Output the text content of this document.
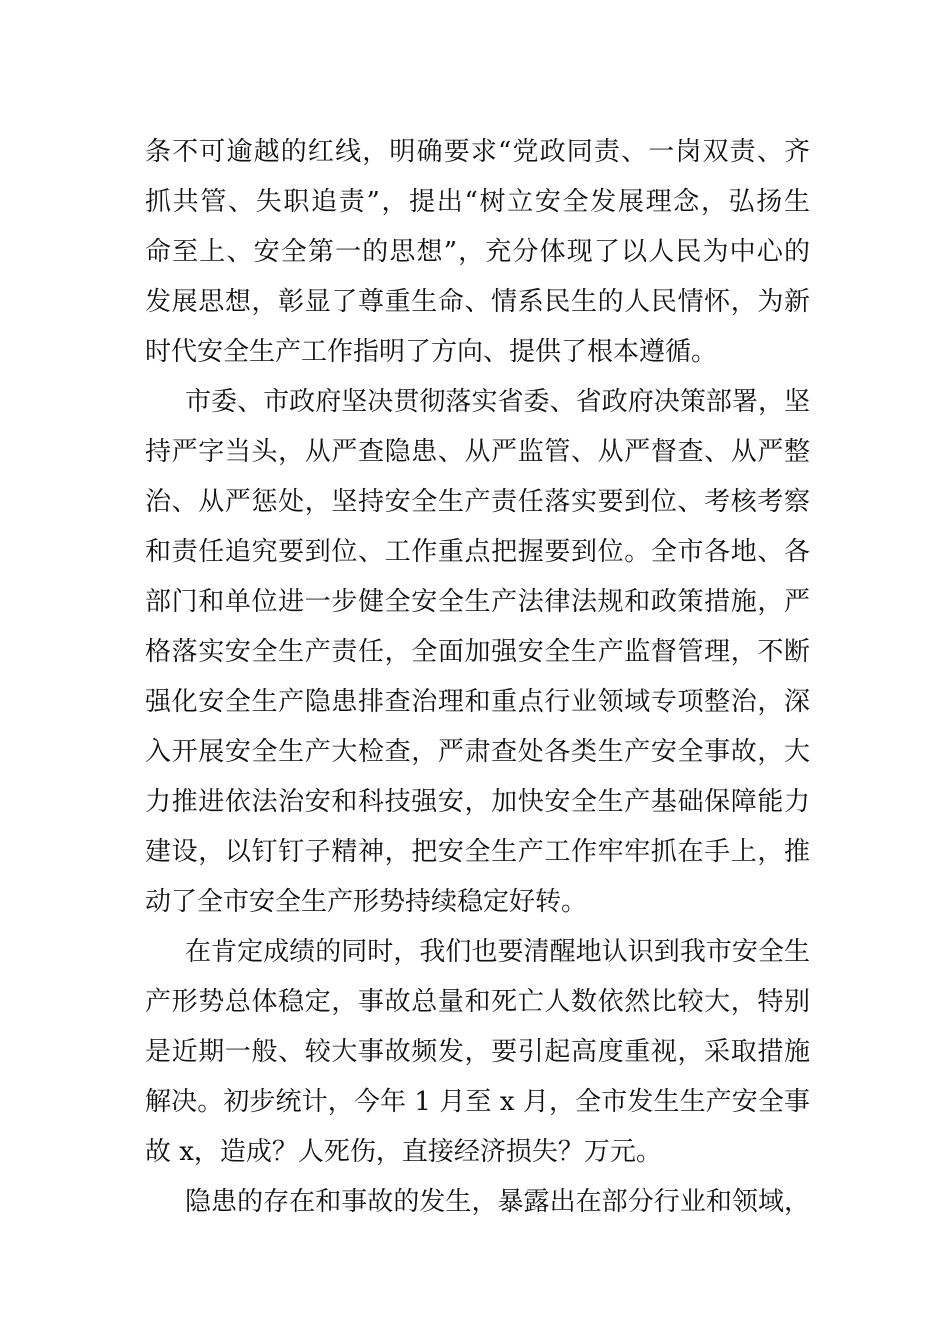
条不可逾越的红线，明确要求“党政同责、一岗双责、齐
抓共管、失职追责”，提出“树立安全发展理念，弘扬生
命至上、安全第一的思想”，充分体现了以人民为中心的
发展思想，彰显了尊重生命、情系民生的人民情怀，为新
时代安全生产工作指明了方向、提供了根本遵循。
市委、市政府坚决贯彻落实省委、省政府决策部署，坚
持严字当头，从严查隐患、从严监管、从严督查、从严整
治、从严惩处，坚持安全生产责任落实要到位、考核考察
和责任追究要到位、工作重点把握要到位。全市各地、各
部门和单位进一步健全安全生产法律法规和政策措施，严
格落实安全生产责任，全面加强安全生产监督管理，不断
强化安全生产隐患排查治理和重点行业领域专项整治，深
入开展安全生产大检查，严肃查处各类生产安全事故，大
力推进依法治安和科技强安，加快安全生产基础保障能力
建设，以钉钉子精神，把安全生产工作牢牢抓在手上，推
动了全市安全生产形势持续稳定好转。
在肯定成绩的同时，我们也要清醒地认识到我市安全生
产形势总体稳定，事故总量和死亡人数依然比较大，特别
是近期一般、较大事故频发，要引起高度重视，采取措施
解决。初步统计，今年 1 月至 x 月，全市发生生产安全事
故 x，造成？人死伤，直接经济损失？万元。
隐患的存在和事故的发生，暴露出在部分行业和领域，
